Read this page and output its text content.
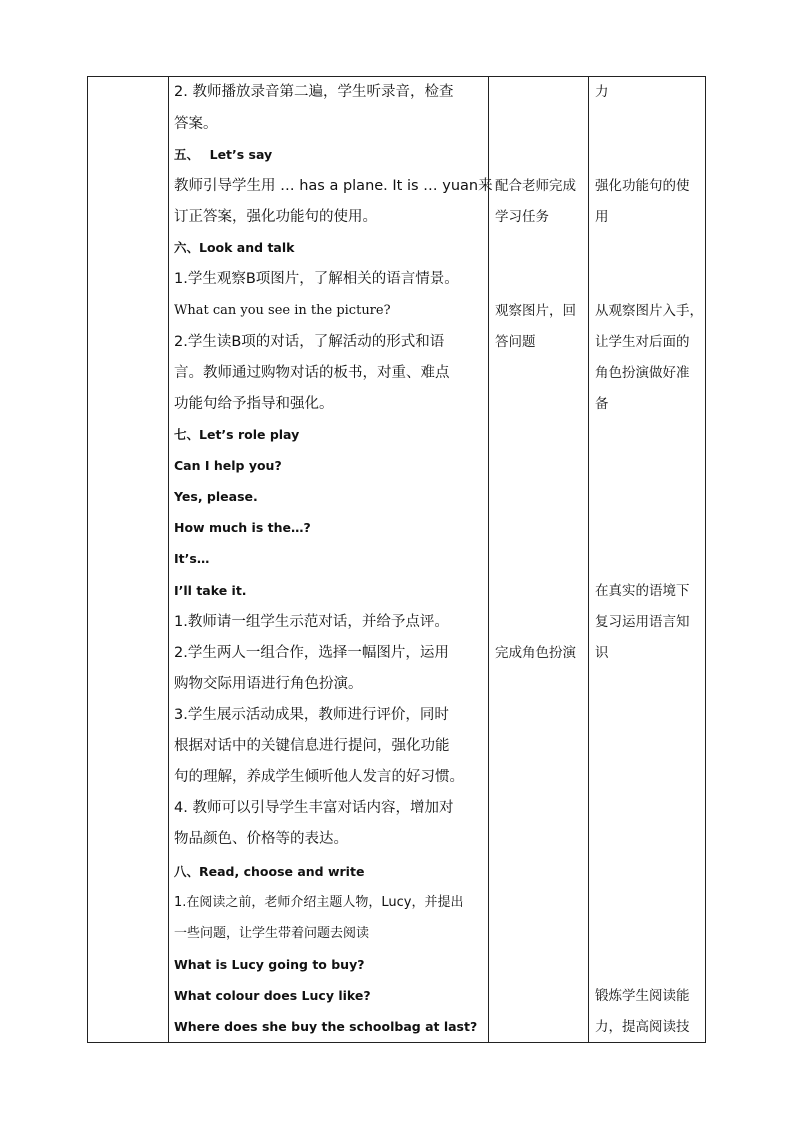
2. 教师播放录音第二遍，学生听录音，检查
答案。
五、　 Let’s say
教师引导学生用 … has a plane. It is … yuan来
订正答案，强化功能句的使用。
六、Look and talk
1.学生观察B项图片，了解相关的语言情景。
What can you see in the picture?
2.学生读B项的对话，了解活动的形式和语
言。教师通过购物对话的板书，对重、难点
功能句给予指导和强化。
七、Let’s role play
Can I help you?
Yes, please.
How much is the…?
It’s…
I’ll take it.
1.教师请一组学生示范对话，并给予点评。
2.学生两人一组合作，选择一幅图片，运用
购物交际用语进行角色扮演。
3.学生展示活动成果，教师进行评价，同时
根据对话中的关键信息进行提问，强化功能
句的理解，养成学生倾听他人发言的好习惯。
4. 教师可以引导学生丰富对话内容，增加对
物品颜色、价格等的表达。
八、Read, choose and write
1.在阅读之前，老师介绍主题人物，Lucy，并提出
一些问题，让学生带着问题去阅读
What is Lucy going to buy?
What colour does Lucy like?
Where does she buy the schoolbag at last?
配合老师完成
学习任务
观察图片，回
答问题
完成角色扮演
力
强化功能句的使
用
从观察图片入手，
让学生对后面的
角色扮演做好准
备
在真实的语境下
复习运用语言知
识
锻炼学生阅读能
力，提高阅读技
